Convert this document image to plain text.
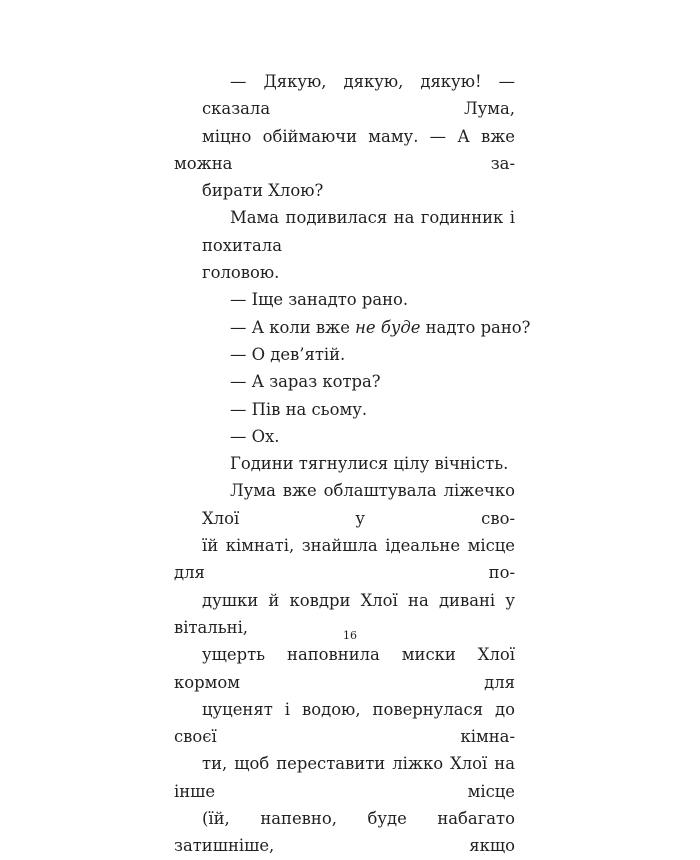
— Дякую, дякую, дякую! — сказала Лума,
міцно обіймаючи маму. — А вже можна за-
бирати Хлою?
Мама подивилася на годинник і похитала
головою.
— Іще занадто рано.
— А коли вже не буде надто рано?
— О дев’ятій.
— А зараз котра?
— Пів на сьому.
— Ох.
Години тягнулися цілу вічність.
Лума вже облаштувала ліжечко Хлої у сво-
їй кімнаті, знайшла ідеальне місце для по-
душки й ковдри Хлої на дивані у вітальні,
ущерть наповнила миски Хлої кормом для
цуценят і водою, повернулася до своєї кімна-
ти, щоб переставити ліжко Хлої на інше місце
(їй, напевно, буде набагато затишніше, якщо
16
